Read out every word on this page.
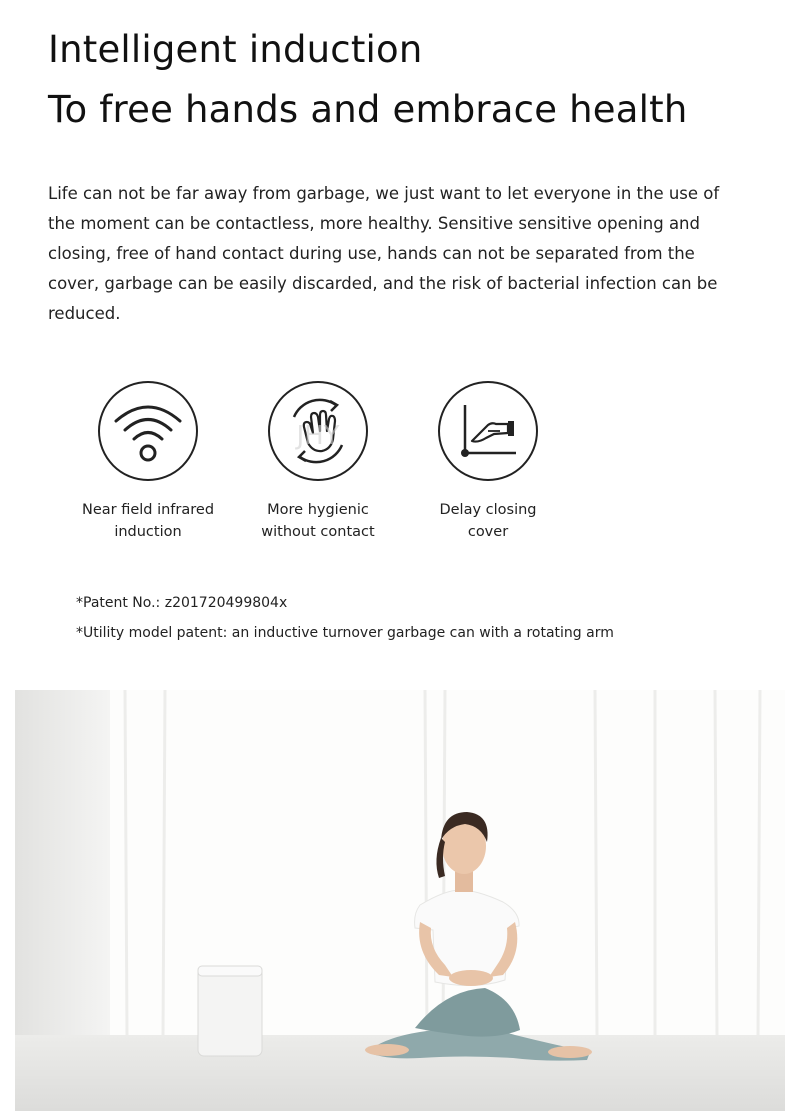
Intelligent induction
To free hands and embrace health

Life can not be far away from garbage, we just want to let everyone in the use of the moment can be contactless, more healthy. Sensitive sensitive opening and closing, free of hand contact during use, hands can not be separated from the cover, garbage can be easily discarded, and the risk of bacterial infection can be reduced.

Near field infrared
induction
JHY
More hygienic
without contact
Delay closing
cover

*Patent No.: z201720499804x

*Utility model patent: an inductive turnover garbage can with a rotating arm
